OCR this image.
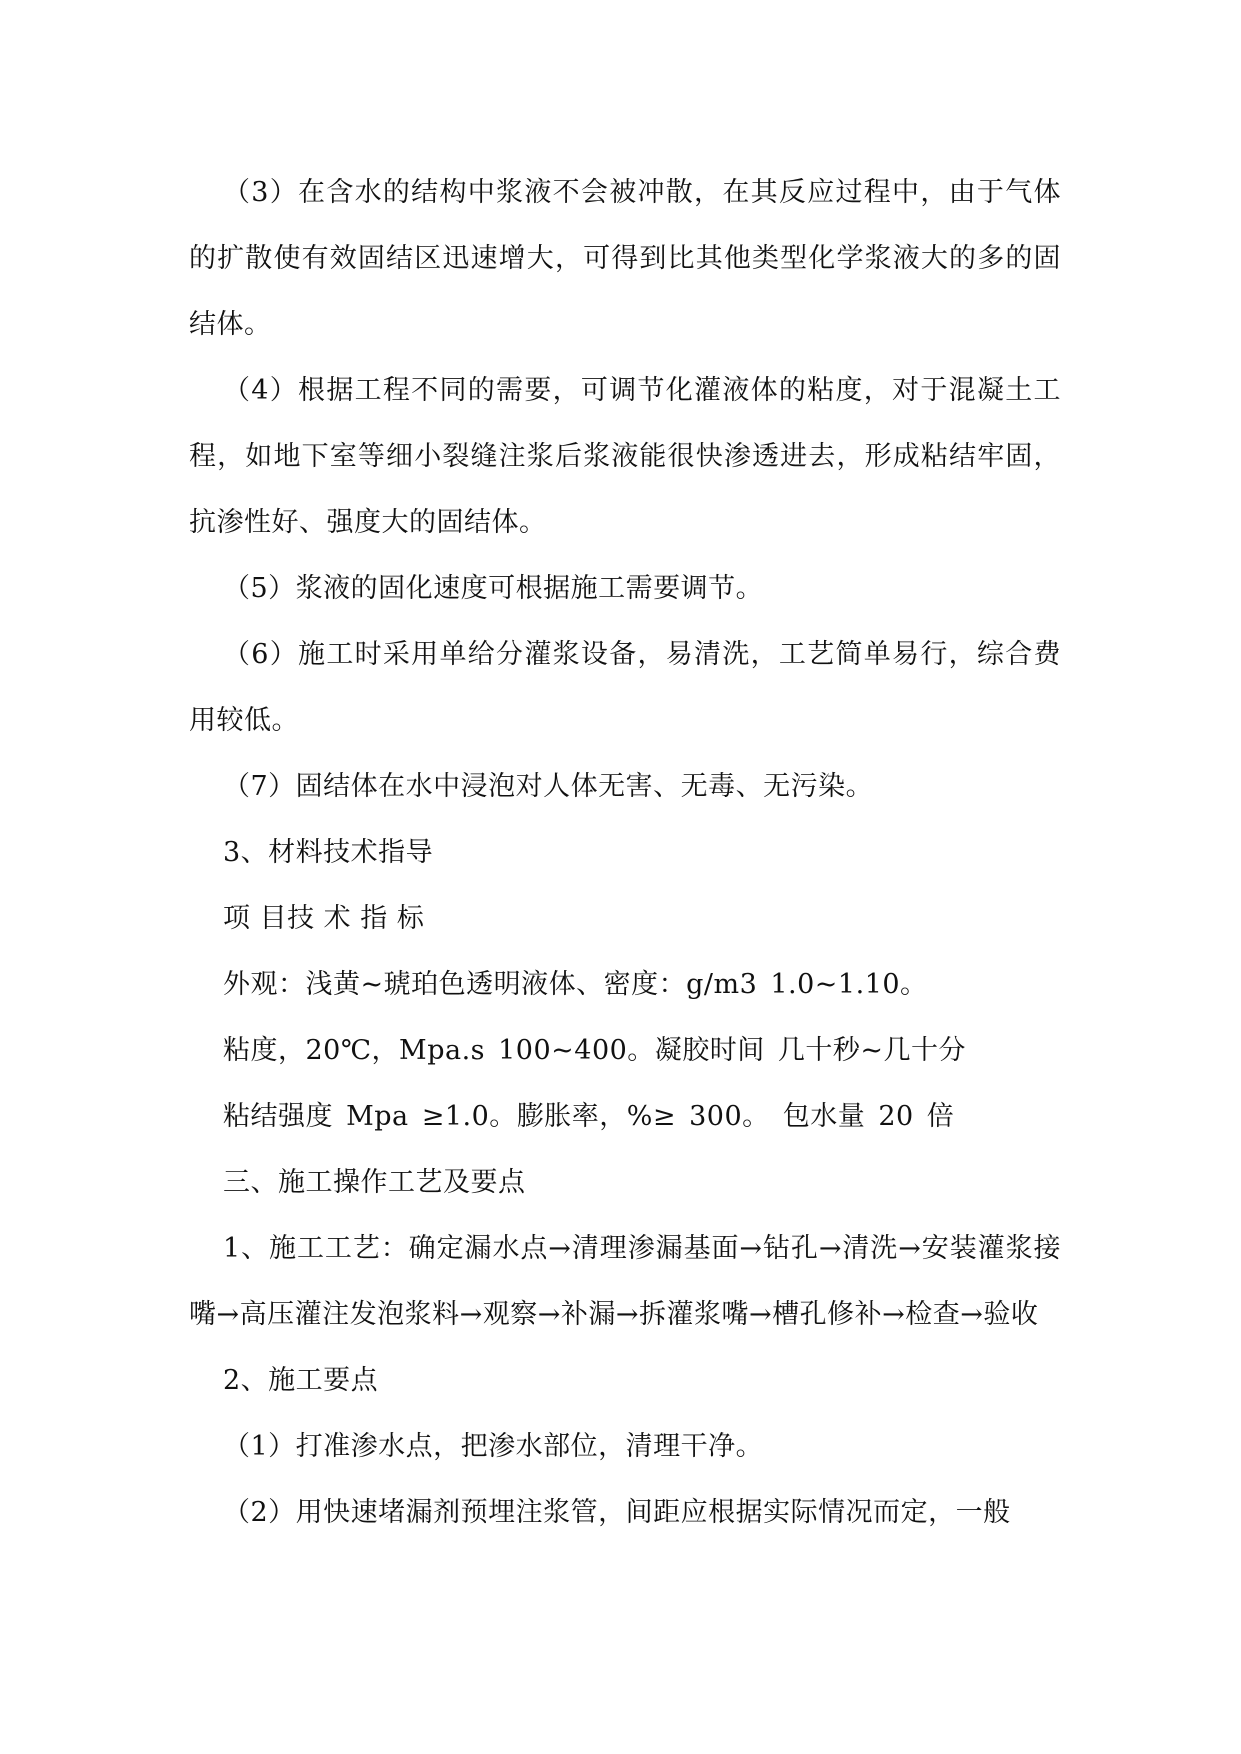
（3）在含水的结构中浆液不会被冲散，在其反应过程中，由于气体的扩散使有效固结区迅速增大，可得到比其他类型化学浆液大的多的固结体。

（4）根据工程不同的需要，可调节化灌液体的粘度，对于混凝土工程，如地下室等细小裂缝注浆后浆液能很快渗透进去，形成粘结牢固，抗渗性好、强度大的固结体。

（5）浆液的固化速度可根据施工需要调节。

（6）施工时采用单给分灌浆设备，易清洗，工艺简单易行，综合费用较低。

（7）固结体在水中浸泡对人体无害、无毒、无污染。

3、材料技术指导

项 目技 术 指 标

外观：浅黄~琥珀色透明液体、密度：g/m3 1.0~1.10。

粘度，20℃，Mpa.s 100~400。凝胶时间 几十秒~几十分

粘结强度 Mpa ≥1.0。膨胀率，%≥ 300。 包水量 20 倍

三、施工操作工艺及要点

1、施工工艺：确定漏水点→清理渗漏基面→钻孔→清洗→安装灌浆接嘴→高压灌注发泡浆料→观察→补漏→拆灌浆嘴→槽孔修补→检查→验收

2、施工要点

（1）打准渗水点，把渗水部位，清理干净。

（2）用快速堵漏剂预埋注浆管，间距应根据实际情况而定，一般
